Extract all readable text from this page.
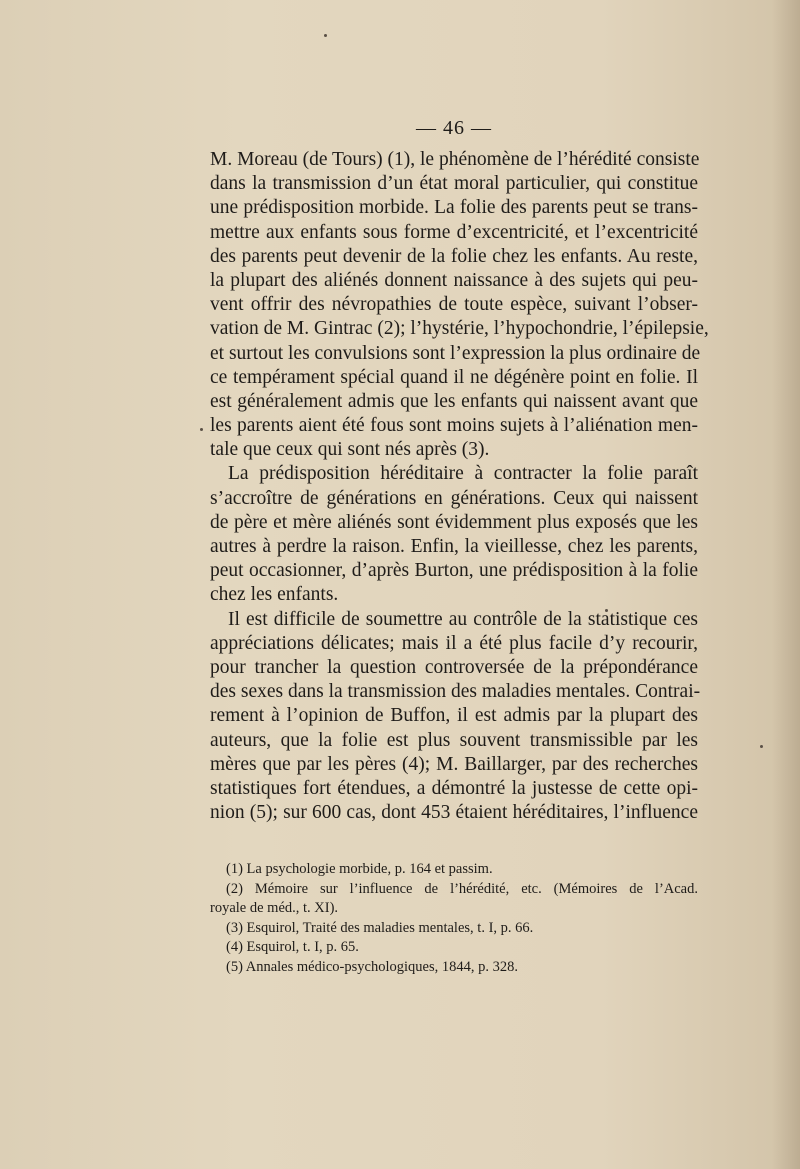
— 46 —
M. Moreau (de Tours) (1), le phénomène de l’hérédité consiste
dans la transmission d’un état moral particulier, qui constitue
une prédisposition morbide. La folie des parents peut se trans-
mettre aux enfants sous forme d’excentricité, et l’excentricité
des parents peut devenir de la folie chez les enfants. Au reste,
la plupart des aliénés donnent naissance à des sujets qui peu-
vent offrir des névropathies de toute espèce, suivant l’obser-
vation de M. Gintrac (2); l’hystérie, l’hypochondrie, l’épilepsie,
et surtout les convulsions sont l’expression la plus ordinaire de
ce tempérament spécial quand il ne dégénère point en folie. Il
est généralement admis que les enfants qui naissent avant que
les parents aient été fous sont moins sujets à l’aliénation men-
tale que ceux qui sont nés après (3).
La prédisposition héréditaire à contracter la folie paraît
s’accroître de générations en générations. Ceux qui naissent
de père et mère aliénés sont évidemment plus exposés que les
autres à perdre la raison. Enfin, la vieillesse, chez les parents,
peut occasionner, d’après Burton, une prédisposition à la folie
chez les enfants.
Il est difficile de soumettre au contrôle de la statistique ces
appréciations délicates; mais il a été plus facile d’y recourir,
pour trancher la question controversée de la prépondérance
des sexes dans la transmission des maladies mentales. Contrai-
rement à l’opinion de Buffon, il est admis par la plupart des
auteurs, que la folie est plus souvent transmissible par les
mères que par les pères (4); M. Baillarger, par des recherches
statistiques fort étendues, a démontré la justesse de cette opi-
nion (5); sur 600 cas, dont 453 étaient héréditaires, l’influence
(1) La psychologie morbide, p. 164 et passim.
(2) Mémoire sur l’influence de l’hérédité, etc. (Mémoires de l’Acad.
royale de méd., t. XI).
(3) Esquirol, Traité des maladies mentales, t. I, p. 66.
(4) Esquirol, t. I, p. 65.
(5) Annales médico-psychologiques, 1844, p. 328.
